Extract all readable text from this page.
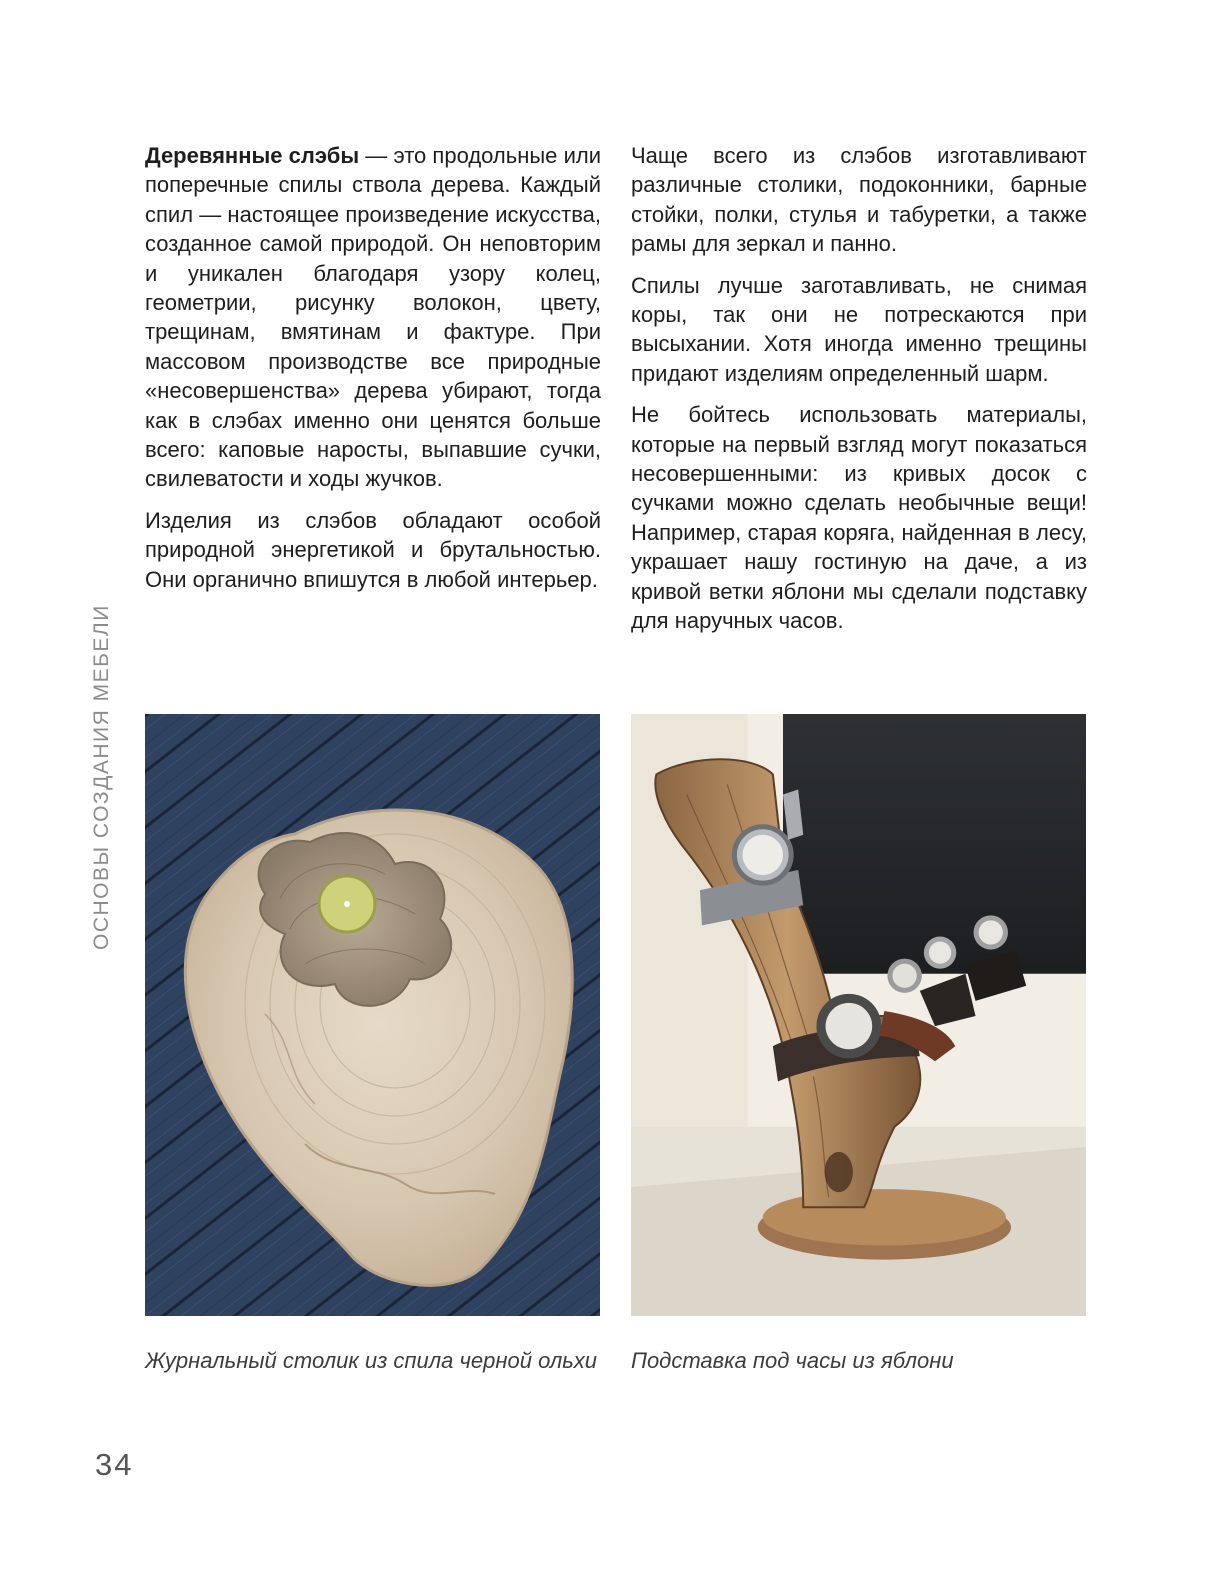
ОСНОВЫ СОЗДАНИЯ МЕБЕЛИ

Деревянные слэбы — это продольные или поперечные спилы ствола дерева. Каждый спил — настоящее произведение искусства, созданное самой природой. Он неповторим и уникален благодаря узору колец, геометрии, рисунку волокон, цвету, трещинам, вмятинам и фактуре. При массовом производстве все природные «несовершенства» дерева убирают, тогда как в слэбах именно они ценятся больше всего: каповые наросты, выпавшие сучки, свилеватости и ходы жучков.

Изделия из слэбов обладают особой природной энергетикой и брутальностью. Они органично впишутся в любой интерьер.

Чаще всего из слэбов изготавливают различные столики, подоконники, барные стойки, полки, стулья и табуретки, а также рамы для зеркал и панно.

Спилы лучше заготавливать, не снимая коры, так они не потрескаются при высыхании. Хотя иногда именно трещины придают изделиям определенный шарм.

Не бойтесь использовать материалы, которые на первый взгляд могут показаться несовершенными: из кривых досок с сучками можно сделать необычные вещи! Например, старая коряга, найденная в лесу, украшает нашу гостиную на даче, а из кривой ветки яблони мы сделали подставку для наручных часов.

Журнальный столик из спила черной ольхи Подставка под часы из яблони
34
